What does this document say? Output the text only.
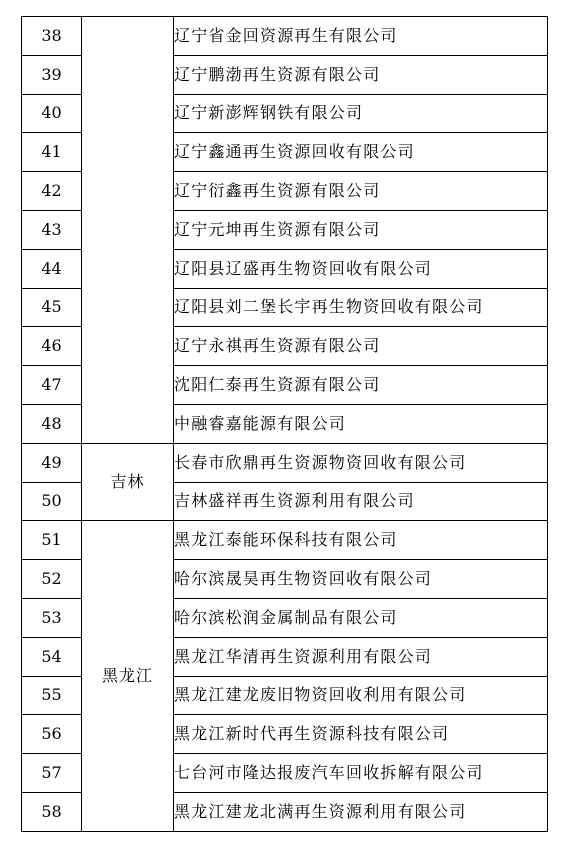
38		辽宁省金回资源再生有限公司
39		辽宁鹏渤再生资源有限公司
40		辽宁新澎辉钢铁有限公司
41		辽宁鑫通再生资源回收有限公司
42		辽宁衍鑫再生资源有限公司
43		辽宁元坤再生资源有限公司
44		辽阳县辽盛再生物资回收有限公司
45		辽阳县刘二堡长宇再生物资回收有限公司
46		辽宁永祺再生资源有限公司
47		沈阳仁泰再生资源有限公司
48		中融睿嘉能源有限公司
49	吉林	长春市欣鼎再生资源物资回收有限公司
50		吉林盛祥再生资源利用有限公司
51	黑龙江	黑龙江泰能环保科技有限公司
52		哈尔滨晟昊再生物资回收有限公司
53		哈尔滨松润金属制品有限公司
54		黑龙江华清再生资源利用有限公司
55		黑龙江建龙废旧物资回收利用有限公司
56		黑龙江新时代再生资源科技有限公司
57		七台河市隆达报废汽车回收拆解有限公司
58		黑龙江建龙北满再生资源利用有限公司
